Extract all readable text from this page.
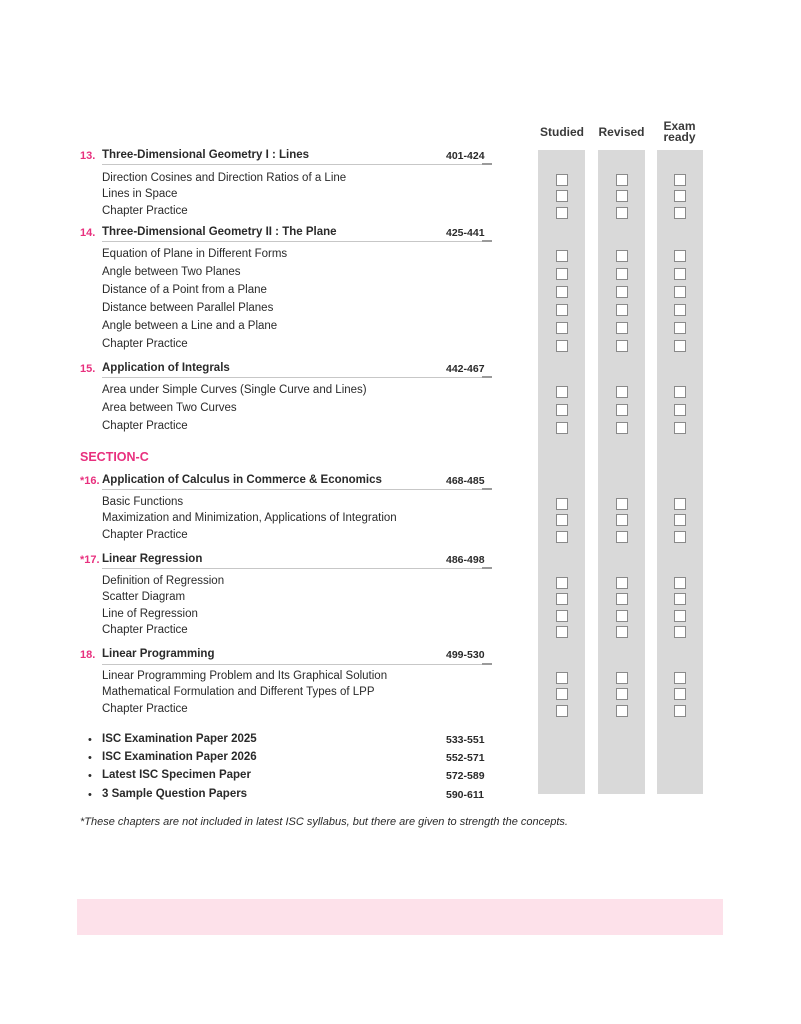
Studied Revised	Exam
ready
13. Three-Dimensional Geometry I : Lines	401-424
Direction Cosines and Direction Ratios of a Line
Lines in Space
Chapter Practice
14. Three-Dimensional Geometry II : The Plane	425-441
Equation of Plane in Different Forms
Angle between Two Planes
Distance of a Point from a Plane
Distance between Parallel Planes
Angle between a Line and a Plane
Chapter Practice
15. Application of Integrals	442-467
Area under Simple Curves (Single Curve and Lines)
Area between Two Curves
Chapter Practice
SECTION-C
*16. Application of Calculus in Commerce & Economics	468-485
Basic Functions
Maximization and Minimization, Applications of Integration
Chapter Practice
*17. Linear Regression	486-498
Definition of Regression
Scatter Diagram
Line of Regression
Chapter Practice
18. Linear Programming	499-530
Linear Programming Problem and Its Graphical Solution
Mathematical Formulation and Different Types of LPP
Chapter Practice
• ISC Examination Paper 2025	533-551
• ISC Examination Paper 2026	552-571
• Latest ISC Specimen Paper	572-589
• 3 Sample Question Papers	590-611
*These chapters are not included in latest ISC syllabus, but there are given to strength the concepts.
